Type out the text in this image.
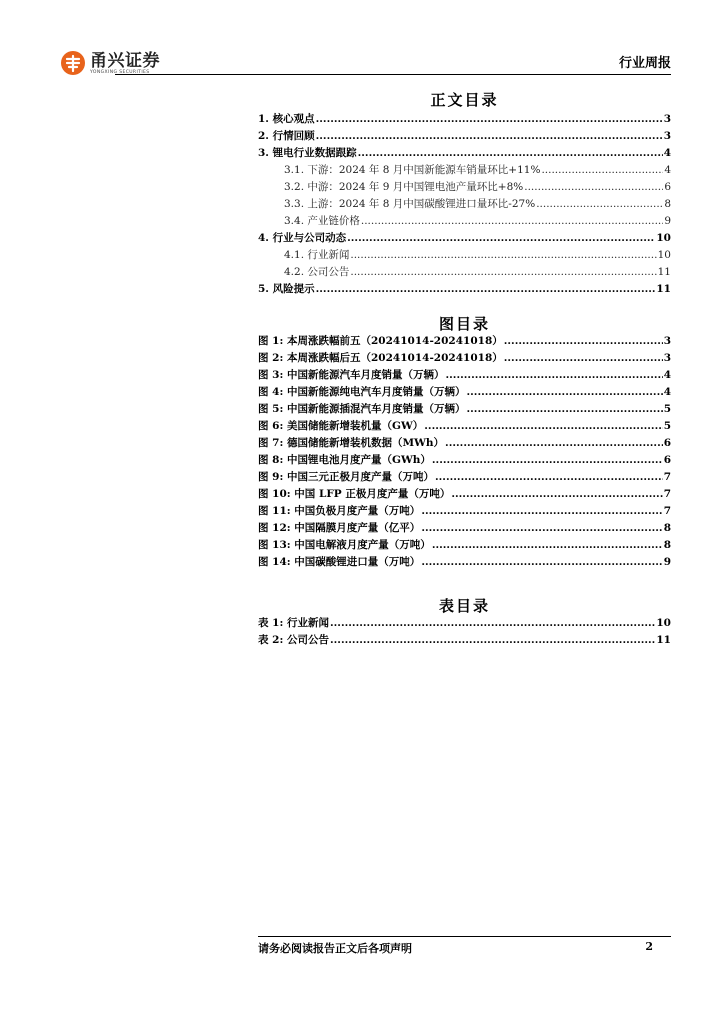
甬兴证券
YONGXING SECURITIES
行业周报
正文目录
1. 核心观点 .....	3
2. 行情回顾 .....	3
3. 锂电行业数据跟踪 .....	4
3.1. 下游：2024 年 8 月中国新能源车销量环比+11% .....	4
3.2. 中游：2024 年 9 月中国锂电池产量环比+8% .....	6
3.3. 上游：2024 年 8 月中国碳酸锂进口量环比-27% .....	8
3.4. 产业链价格 .....	9
4. 行业与公司动态 .....	10
4.1. 行业新闻 .....	10
4.2. 公司公告 .....	11
5. 风险提示 .....	11
图目录
图 1: 本周涨跌幅前五（20241014-20241018） .....	3
图 2: 本周涨跌幅后五（20241014-20241018） .....	3
图 3: 中国新能源汽车月度销量（万辆） .....	4
图 4: 中国新能源纯电汽车月度销量（万辆） .....	4
图 5: 中国新能源插混汽车月度销量（万辆） .....	5
图 6: 美国储能新增装机量（GW） .....	5
图 7: 德国储能新增装机数据（MWh） .....	6
图 8: 中国锂电池月度产量（GWh） .....	6
图 9: 中国三元正极月度产量（万吨） .....	7
图 10: 中国 LFP 正极月度产量（万吨） .....	7
图 11: 中国负极月度产量（万吨） .....	7
图 12: 中国隔膜月度产量（亿平） .....	8
图 13: 中国电解液月度产量（万吨） .....	8
图 14: 中国碳酸锂进口量（万吨） .....	9
表目录
表 1: 行业新闻 .....	10
表 2: 公司公告 .....	11
请务必阅读报告正文后各项声明	2
